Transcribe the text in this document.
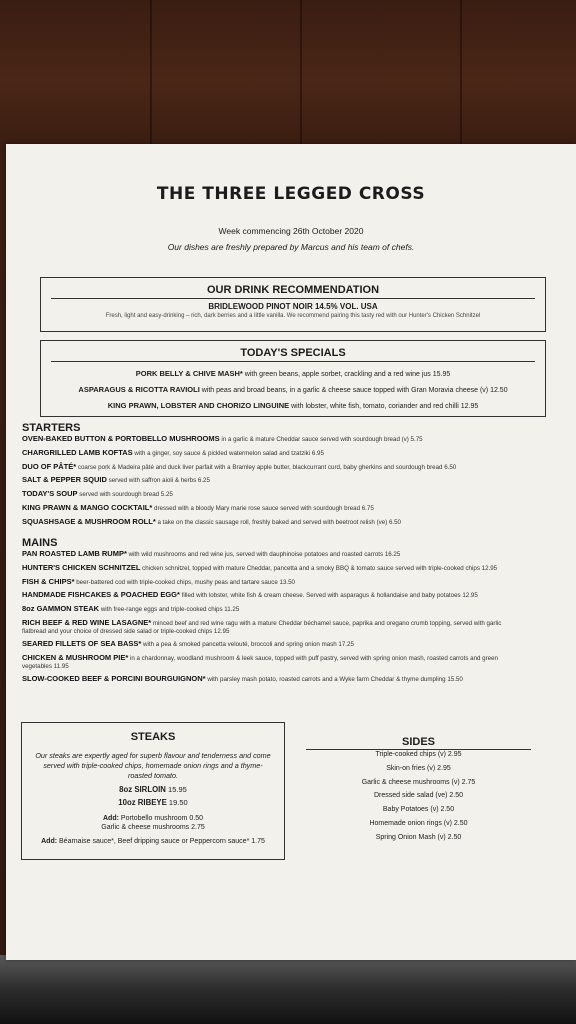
THE THREE LEGGED CROSS
Week commencing 26th October 2020
Our dishes are freshly prepared by Marcus and his team of chefs.
OUR DRINK RECOMMENDATION
BRIDLEWOOD PINOT NOIR 14.5% VOL. USA
Fresh, light and easy-drinking – rich, dark berries and a little vanilla. We recommend pairing this tasty red with our Hunter's Chicken Schnitzel
TODAY'S SPECIALS
PORK BELLY & CHIVE MASH* with green beans, apple sorbet, crackling and a red wine jus 15.95
ASPARAGUS & RICOTTA RAVIOLI with peas and broad beans, in a garlic & cheese sauce topped with Gran Moravia cheese (v) 12.50
KING PRAWN, LOBSTER AND CHORIZO LINGUINE with lobster, white fish, tomato, coriander and red chilli 12.95
STARTERS
OVEN-BAKED BUTTON & PORTOBELLO MUSHROOMS in a garlic & mature Cheddar sauce served with sourdough bread (v) 5.75
CHARGRILLED LAMB KOFTAS with a ginger, soy sauce & pickled watermelon salad and tzatziki 6.95
DUO OF PÂTÉ* coarse pork & Madeira pâté and duck liver parfait with a Bramley apple butter, blackcurrant curd, baby gherkins and sourdough bread 6.50
SALT & PEPPER SQUID served with saffron aioli & herbs 6.25
TODAY'S SOUP served with sourdough bread 5.25
KING PRAWN & MANGO COCKTAIL* dressed with a bloody Mary marie rose sauce served with sourdough bread 6.75
SQUASHSAGE & MUSHROOM ROLL* a take on the classic sausage roll, freshly baked and served with beetroot relish (ve) 6.50
MAINS
PAN ROASTED LAMB RUMP* with wild mushrooms and red wine jus, served with dauphinoise potatoes and roasted carrots 16.25
HUNTER'S CHICKEN SCHNITZEL chicken schnitzel, topped with mature Cheddar, pancetta and a smoky BBQ & tomato sauce served with triple-cooked chips 12.95
FISH & CHIPS* beer-battered cod with triple-cooked chips, mushy peas and tartare sauce 13.50
HANDMADE FISHCAKES & POACHED EGG* filled with lobster, white fish & cream cheese. Served with asparagus & hollandaise and baby potatoes 12.95
8oz GAMMON STEAK with free-range eggs and triple-cooked chips 11.25
RICH BEEF & RED WINE LASAGNE* minced beef and red wine ragu with a mature Cheddar béchamel sauce, paprika and oregano crumb topping, served with garlic flatbread and your choice of dressed side salad or triple-cooked chips 12.95
SEARED FILLETS OF SEA BASS* with a pea & smoked pancetta velouté, broccoli and spring onion mash 17.25
CHICKEN & MUSHROOM PIE* in a chardonnay, woodland mushroom & leek sauce, topped with puff pastry, served with spring onion mash, roasted carrots and green vegetables 11.95
SLOW-COOKED BEEF & PORCINI BOURGUIGNON* with parsley mash potato, roasted carrots and a Wyke farm Cheddar & thyme dumpling 15.50
STEAKS
Our steaks are expertly aged for superb flavour and tenderness and come served with triple-cooked chips, homemade onion rings and a thyme-roasted tomato.
8oz SIRLOIN 15.95
10oz RIBEYE 19.50
Add: Portobello mushroom 0.50
Garlic & cheese mushrooms 2.75
Add: Béarnaise sauce*, Beef dripping sauce or Peppercorn sauce* 1.75
SIDES
Triple-cooked chips (v) 2.95
Skin-on fries (v) 2.95
Garlic & cheese mushrooms (v) 2.75
Dressed side salad (ve) 2.50
Baby Potatoes (v) 2.50
Homemade onion rings (v) 2.50
Spring Onion Mash (v) 2.50
